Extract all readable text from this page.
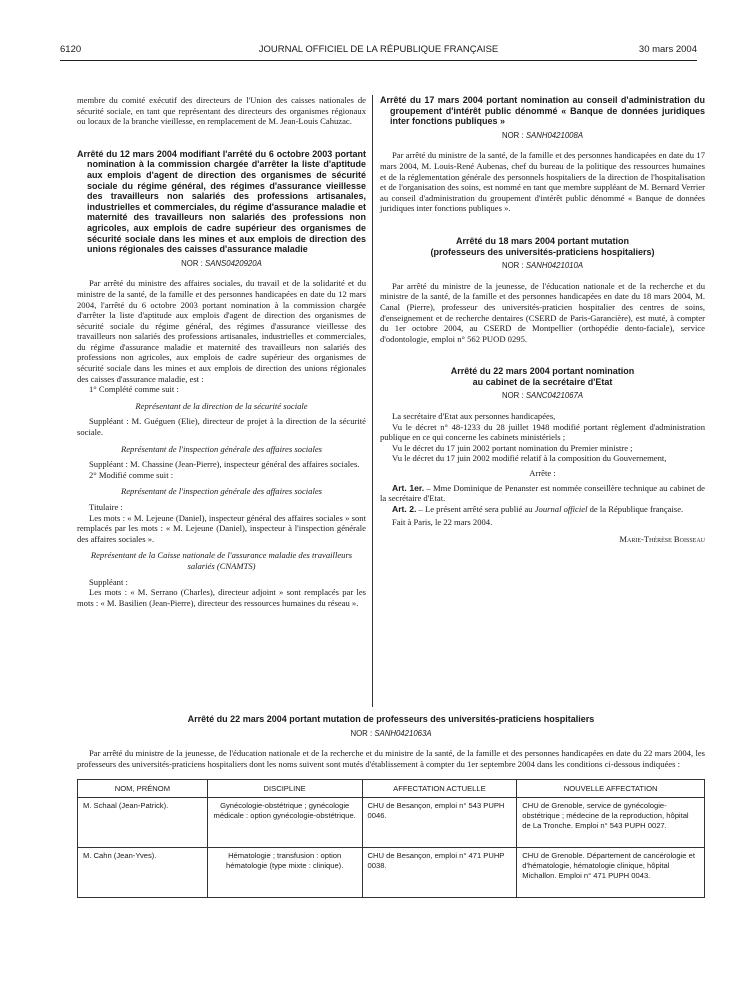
6120	JOURNAL OFFICIEL DE LA RÉPUBLIQUE FRANÇAISE	30 mars 2004

membre du comité exécutif des directeurs de l'Union des caisses nationales de sécurité sociale, en tant que représentant des directeurs des organismes régionaux ou locaux de la branche vieillesse, en remplacement de M. Jean-Louis Cahuzac.

Arrêté du 12 mars 2004 modifiant l'arrêté du 6 octobre 2003 portant nomination à la commission chargée d'arrêter la liste d'aptitude aux emplois d'agent de direction des organismes de sécurité sociale du régime général, des régimes d'assurance vieillesse des travailleurs non salariés des professions artisanales, industrielles et commerciales, du régime d'assurance maladie et maternité des travailleurs non salariés des professions non agricoles, aux emplois de cadre supérieur des organismes de sécurité sociale dans les mines et aux emplois de direction des unions régionales des caisses d'assurance maladie

NOR : SANS0420920A

Par arrêté du ministre des affaires sociales, du travail et de la solidarité et du ministre de la santé, de la famille et des personnes handicapées en date du 12 mars 2004, l'arrêté du 6 octobre 2003 portant nomination à la commission chargée d'arrêter la liste d'aptitude aux emplois d'agent de direction des organismes de sécurité sociale du régime général, des régimes d'assurance vieillesse des travailleurs non salariés des professions artisanales, industrielles et commerciales, du régime d'assurance maladie et maternité des travailleurs non salariés des professions non agricoles, aux emplois de cadre supérieur des organismes de sécurité sociale dans les mines et aux emplois de direction des unions régionales des caisses d'assurance maladie, est :

1° Complété comme suit :

Représentant de la direction de la sécurité sociale

Suppléant : M. Guéguen (Elie), directeur de projet à la direction de la sécurité sociale.

Représentant de l'inspection générale des affaires sociales

Suppléant : M. Chassine (Jean-Pierre), inspecteur général des affaires sociales.

2° Modifié comme suit :

Représentant de l'inspection générale des affaires sociales

Titulaire :

Les mots : « M. Lejeune (Daniel), inspecteur général des affaires sociales » sont remplacés par les mots : « M. Lejeune (Daniel), inspecteur à l'inspection générale des affaires sociales ».

Représentant de la Caisse nationale de l'assurance maladie des travailleurs salariés (CNAMTS)

Suppléant :

Les mots : « M. Serrano (Charles), directeur adjoint » sont remplacés par les mots : « M. Basilien (Jean-Pierre), directeur des ressources humaines du réseau ».

Arrêté du 17 mars 2004 portant nomination au conseil d'administration du groupement d'intérêt public dénommé « Banque de données juridiques inter fonctions publiques »

NOR : SANH0421008A

Par arrêté du ministre de la santé, de la famille et des personnes handicapées en date du 17 mars 2004, M. Louis-René Aubenas, chef du bureau de la politique des ressources humaines et de la réglementation générale des personnels hospitaliers de la direction de l'hospitalisation et de l'organisation des soins, est nommé en tant que membre suppléant de M. Bernard Verrier au conseil d'administration du groupement d'intérêt public dénommé « Banque de données juridiques inter fonctions publiques ».

Arrêté du 18 mars 2004 portant mutation

(professeurs des universités-praticiens hospitaliers)

NOR : SANH0421010A

Par arrêté du ministre de la jeunesse, de l'éducation nationale et de la recherche et du ministre de la santé, de la famille et des personnes handicapées en date du 18 mars 2004, M. Canal (Pierre), professeur des universités-praticien hospitalier des centres de soins, d'enseignement et de recherche dentaires (CSERD de Paris-Garancière), est muté, à compter du 1er octobre 2004, au CSERD de Montpellier (orthopédie dento-faciale), service d'odontologie, emploi n° 562 PUOD 0295.

Arrêté du 22 mars 2004 portant nomination

au cabinet de la secrétaire d'Etat

NOR : SANC0421067A

La secrétaire d'Etat aux personnes handicapées,

Vu le décret n° 48-1233 du 28 juillet 1948 modifié portant règlement d'administration publique en ce qui concerne les cabinets ministériels ;

Vu le décret du 17 juin 2002 portant nomination du Premier ministre ;

Vu le décret du 17 juin 2002 modifié relatif à la composition du Gouvernement,

Arrête :

Art. 1er. – Mme Dominique de Penanster est nommée conseillère technique au cabinet de la secrétaire d'Etat.

Art. 2. – Le présent arrêté sera publié au Journal officiel de la République française.

Fait à Paris, le 22 mars 2004.

Marie-Thérèse Boisseau

Arrêté du 22 mars 2004 portant mutation de professeurs des universités-praticiens hospitaliers

NOR : SANH0421063A

Par arrêté du ministre de la jeunesse, de l'éducation nationale et de la recherche et du ministre de la santé, de la famille et des personnes handicapées en date du 22 mars 2004, les professeurs des universités-praticiens hospitaliers dont les noms suivent sont mutés d'établissement à compter du 1er septembre 2004 dans les conditions ci-dessous indiquées :

NOM, PRÉNOM	DISCIPLINE	AFFECTATION ACTUELLE	NOUVELLE AFFECTATION
M. Schaal (Jean-Patrick).	Gynécologie-obstétrique ; gynécologie médicale : option gynécologie-obstétrique.	CHU de Besançon, emploi n° 543 PUPH 0046.	CHU de Grenoble, service de gynécologie-obstétrique ; médecine de la reproduction, hôpital de La Tronche. Emploi n° 543 PUPH 0027.
M. Cahn (Jean-Yves).	Hématologie ; transfusion : option hématologie (type mixte : clinique).	CHU de Besançon, emploi n° 471 PUHP 0038.	CHU de Grenoble. Département de cancérologie et d'hématologie, hématologie clinique, hôpital Michallon. Emploi n° 471 PUPH 0043.
